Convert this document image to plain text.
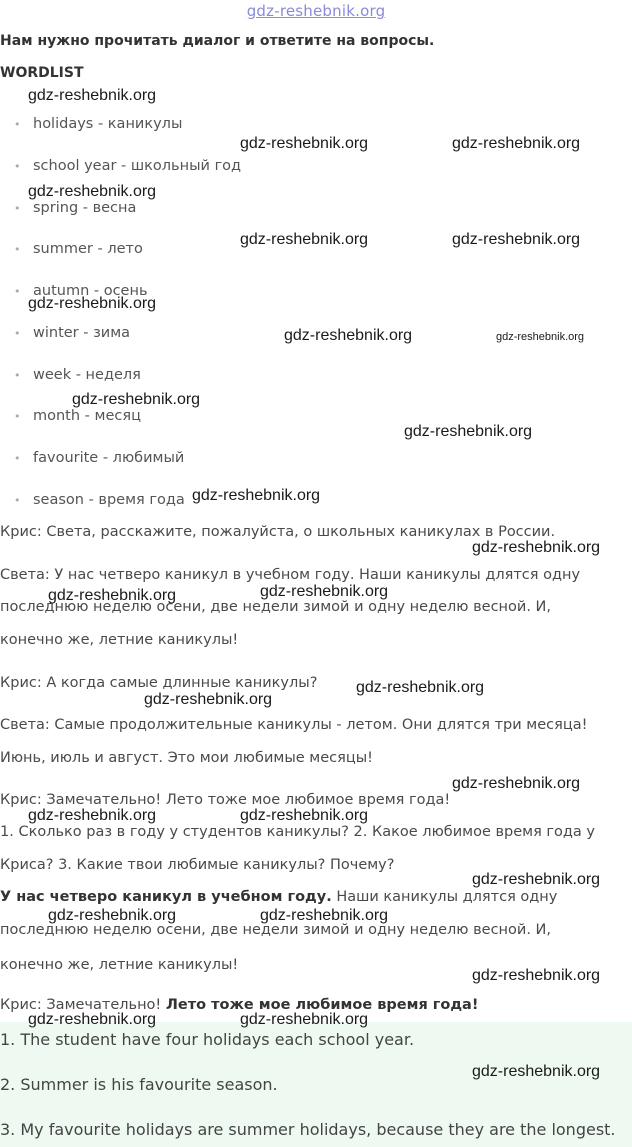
gdz-reshebnik.org
Нам нужно прочитать диалог и ответите на вопросы.
WORDLIST
• holidays - каникулы
• school year - школьный год
• spring - весна
• summer - лето
• autumn - осень
• winter - зима
• week - неделя
• month - месяц
• favourite - любимый
• season - время года
Крис: Света, расскажите, пожалуйста, о школьных каникулах в России.
Света: У нас четверо каникул в учебном году. Наши каникулы длятся одну
последнюю неделю осени, две недели зимой и одну неделю весной. И,
конечно же, летние каникулы!
Крис: А когда самые длинные каникулы?
Света: Самые продолжительные каникулы - летом. Они длятся три месяца!
Июнь, июль и август. Это мои любимые месяцы!
Крис: Замечательно! Лето тоже мое любимое время года!
1. Сколько раз в году у студентов каникулы? 2. Какое любимое время года у
Криса? 3. Какие твои любимые каникулы? Почему?
У нас четверо каникул в учебном году. Наши каникулы длятся одну
последнюю неделю осени, две недели зимой и одну неделю весной. И,
конечно же, летние каникулы!
Крис: Замечательно! Лето тоже мое любимое время года!
1. The student have four holidays each school year.
2. Summer is his favourite season.
3. My favourite holidays are summer holidays, because they are the longest.
gdz-reshebnik.org
gdz-reshebnik.org	gdz-reshebnik.org
gdz-reshebnik.org
gdz-reshebnik.org	gdz-reshebnik.org
gdz-reshebnik.org
gdz-reshebnik.org	gdz-reshebnik.org
gdz-reshebnik.org
gdz-reshebnik.org
gdz-reshebnik.org
gdz-reshebnik.org
gdz-reshebnik.org	gdz-reshebnik.org
gdz-reshebnik.org
gdz-reshebnik.org
gdz-reshebnik.org
gdz-reshebnik.org	gdz-reshebnik.org
gdz-reshebnik.org
gdz-reshebnik.org	gdz-reshebnik.org
gdz-reshebnik.org
gdz-reshebnik.org	gdz-reshebnik.org
gdz-reshebnik.org
